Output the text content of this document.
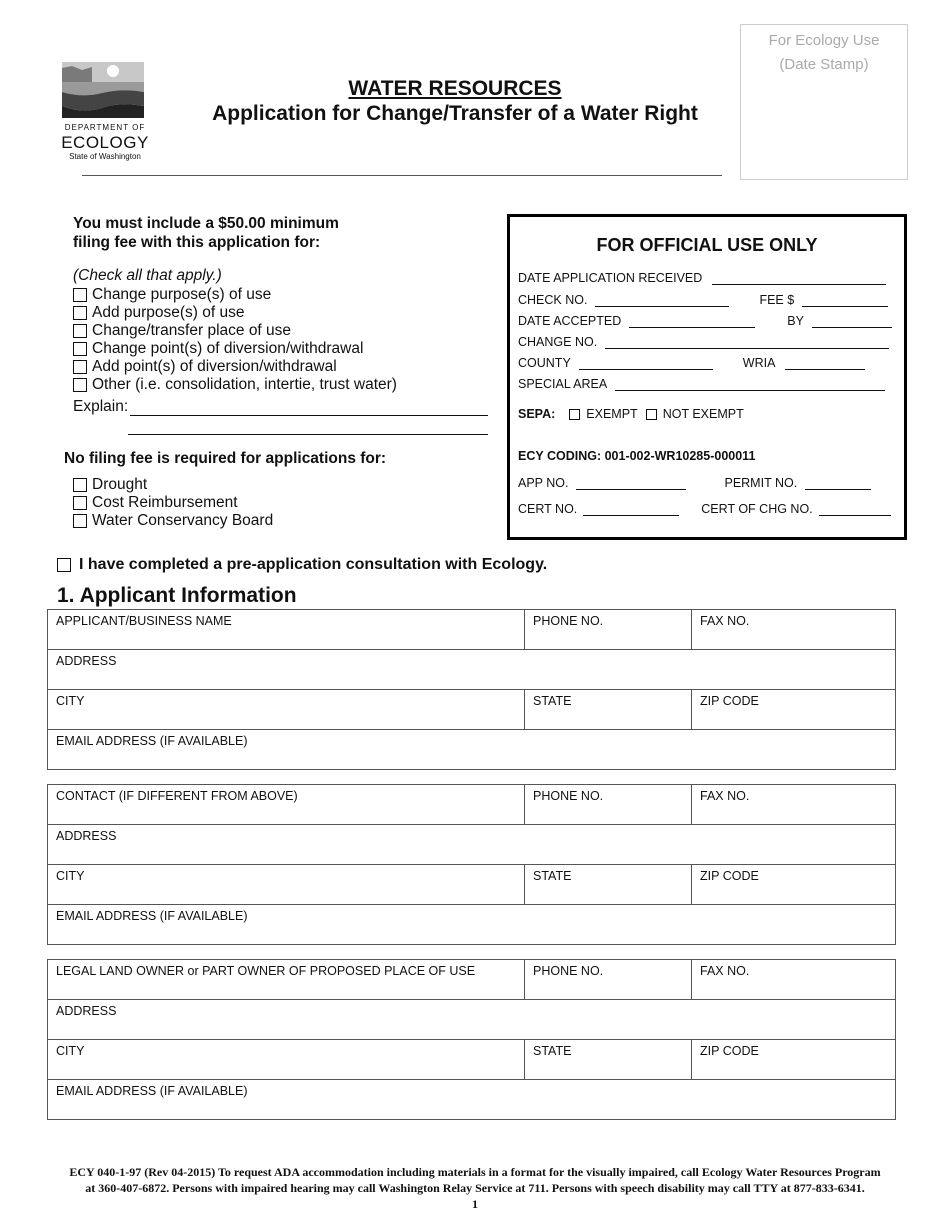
DEPARTMENT OF
ECOLOGY
State of Washington
WATER RESOURCES
Application for Change/Transfer of a Water Right
For Ecology Use
(Date Stamp)
You must include a $50.00 minimum
filing fee with this application for:
(Check all that apply.)
Change purpose(s) of use
Add purpose(s) of use
Change/transfer place of use
Change point(s) of diversion/withdrawal
Add point(s) of diversion/withdrawal
Other (i.e. consolidation, intertie, trust water)
Explain:
No filing fee is required for applications for:
Drought
Cost Reimbursement
Water Conservancy Board
FOR OFFICIAL USE ONLY
DATE APPLICATION RECEIVED
CHECK NO.	FEE $
DATE ACCEPTED	BY
CHANGE NO.
COUNTY	WRIA
SPECIAL AREA
SEPA: EXEMPT NOT EXEMPT
ECY CODING: 001-002-WR10285-000011
APP NO.	PERMIT NO.
CERT NO.	CERT OF CHG NO.
I have completed a pre-application consultation with Ecology.
1. Applicant Information
APPLICANT/BUSINESS NAME	PHONE NO.	FAX NO.
ADDRESS		
CITY	STATE	ZIP CODE
EMAIL ADDRESS (IF AVAILABLE)		
CONTACT (IF DIFFERENT FROM ABOVE)	PHONE NO.	FAX NO.
ADDRESS		
CITY	STATE	ZIP CODE
EMAIL ADDRESS (IF AVAILABLE)		
LEGAL LAND OWNER or PART OWNER OF PROPOSED PLACE OF USE	PHONE NO.	FAX NO.
ADDRESS		
CITY	STATE	ZIP CODE
EMAIL ADDRESS (IF AVAILABLE)		
ECY 040-1-97 (Rev 04-2015) To request ADA accommodation including materials in a format for the visually impaired, call Ecology Water Resources Program
at 360-407-6872. Persons with impaired hearing may call Washington Relay Service at 711. Persons with speech disability may call TTY at 877-833-6341.
1
